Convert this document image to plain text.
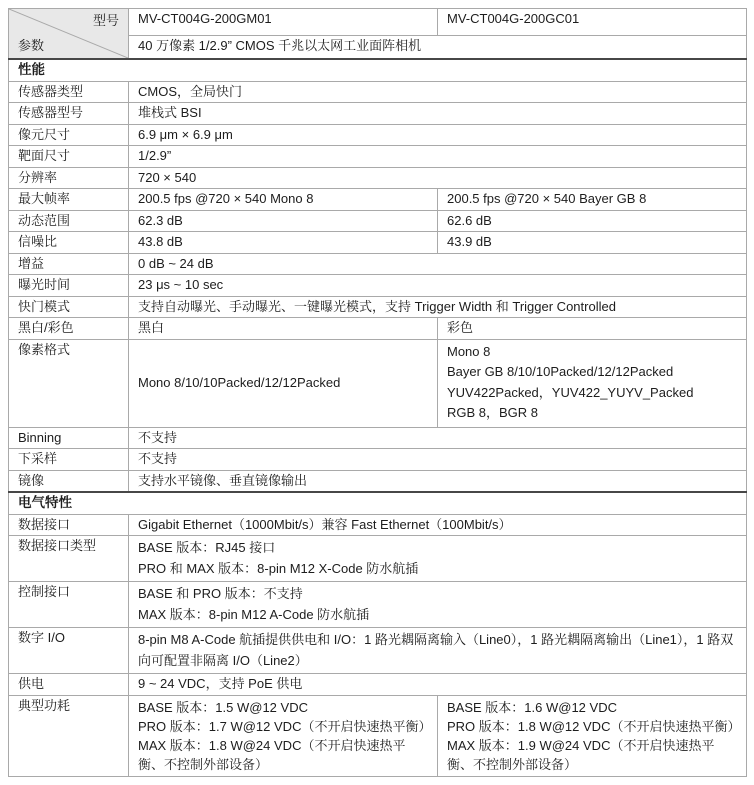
型号
参数	MV-CT004G-200GM01	MV-CT004G-200GC01
	40 万像素 1/2.9” CMOS 千兆以太网工业面阵相机	
性能		
传感器类型	CMOS，全局快门	
传感器型号	堆栈式 BSI	
像元尺寸	6.9 μm × 6.9 μm	
靶面尺寸	1/2.9”	
分辨率	720 × 540	
最大帧率	200.5 fps @720 × 540 Mono 8	200.5 fps @720 × 540 Bayer GB 8
动态范围	62.3 dB	62.6 dB
信噪比	43.8 dB	43.9 dB
增益	0 dB ~ 24 dB	
曝光时间	23 μs ~ 10 sec	
快门模式	支持自动曝光、手动曝光、一键曝光模式，支持 Trigger Width 和 Trigger Controlled	
黑白/彩色	黑白	彩色
像素格式	Mono 8/10/10Packed/12/12Packed	Mono 8
Bayer GB 8/10/10Packed/12/12Packed
YUV422Packed，YUV422_YUYV_Packed
RGB 8，BGR 8

Binning	不支持	
下采样	不支持	
镜像	支持水平镜像、垂直镜像输出	
电气特性		
数据接口	Gigabit Ethernet（1000Mbit/s）兼容 Fast Ethernet（100Mbit/s）	
数据接口类型	BASE 版本：RJ45 接口
PRO 和 MAX 版本：8-pin M12 X-Code 防水航插	

控制接口	BASE 和 PRO 版本：不支持
MAX 版本：8-pin M12 A-Code 防水航插	

数字 I/O	8-pin M8 A-Code 航插提供供电和 I/O：1 路光耦隔离输入（Line0），1 路光耦隔离输出（Line1），1 路双向可配置非隔离 I/O（Line2）	
供电	9 ~ 24 VDC，支持 PoE 供电	
典型功耗	BASE 版本：1.5 W@12 VDC
PRO 版本：1.7 W@12 VDC（不开启快速热平衡）
MAX 版本：1.8 W@24 VDC（不开启快速热平衡、不控制外部设备）	BASE 版本：1.6 W@12 VDC
PRO 版本：1.8 W@12 VDC（不开启快速热平衡）
MAX 版本：1.9 W@24 VDC（不开启快速热平衡、不控制外部设备）
